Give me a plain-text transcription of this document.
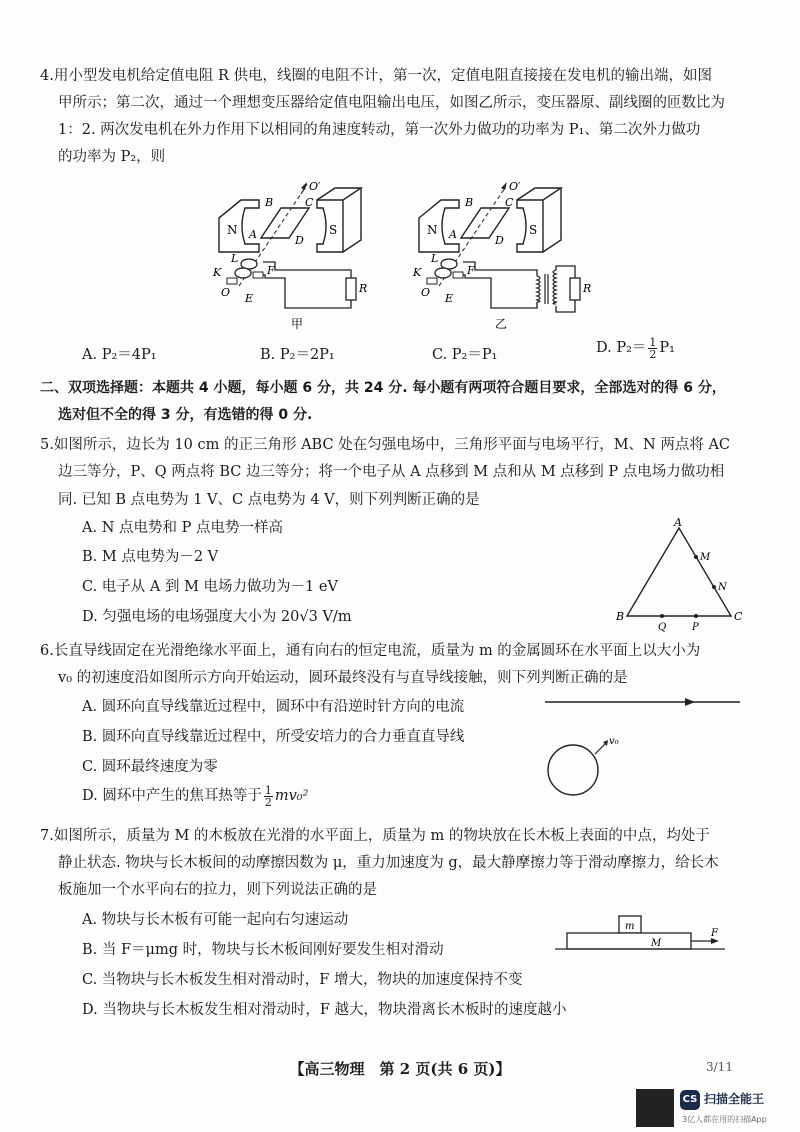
4.用小型发电机给定值电阻 R 供电，线圈的电阻不计，第一次，定值电阻直接接在发电机的输出端，如图
甲所示；第二次，通过一个理想变压器给定值电阻输出电压，如图乙所示，变压器原、副线圈的匝数比为
1：2. 两次发电机在外力作用下以相同的角速度转动，第一次外力做功的功率为 P₁、第二次外力做功
的功率为 P₂，则
N	S
A
B	C
D
E
F
K
L
O
O′
R
甲
N	S
A
B	C
D
E
F
K
L
O
O′
R
乙
A. P₂＝4P₁	B. P₂＝2P₁	C. P₂＝P₁	D. $P_2= \frac{1}{2} P_1$
二、双项选择题：本题共 4 小题，每小题 6 分，共 24 分. 每小题有两项符合题目要求，全部选对的得 6 分，
选对但不全的得 3 分，有选错的得 0 分.
5.如图所示，边长为 10 cm 的正三角形 ABC 处在匀强电场中，三角形平面与电场平行，M、N 两点将 AC
边三等分，P、Q 两点将 BC 边三等分；将一个电子从 A 点移到 M 点和从 M 点移到 P 点电场力做功相
同. 已知 B 点电势为 1 V、C 点电势为 4 V，则下列判断正确的是
A. N 点电势和 P 点电势一样高
B. M 点电势为－2 V
C. 电子从 A 到 M 电场力做功为－1 eV
D. 匀强电场的电场强度大小为 20√3 V/m
A
B	C
M
N
Q	P
6.长直导线固定在光滑绝缘水平面上，通有向右的恒定电流，质量为 m 的金属圆环在水平面上以大小为
v₀ 的初速度沿如图所示方向开始运动，圆环最终没有与直导线接触，则下列判断正确的是
A. 圆环向直导线靠近过程中，圆环中有沿逆时针方向的电流
B. 圆环向直导线靠近过程中，所受安培力的合力垂直直导线
C. 圆环最终速度为零
D. 圆环中产生的焦耳热等于 $\frac{1}{2} mv_0^2$
v₀
7.如图所示，质量为 M 的木板放在光滑的水平面上，质量为 m 的物块放在长木板上表面的中点，均处于
静止状态. 物块与长木板间的动摩擦因数为 μ，重力加速度为 g，最大静摩擦力等于滑动摩擦力，给长木
板施加一个水平向右的拉力，则下列说法正确的是
A. 物块与长木板有可能一起向右匀速运动
B. 当 F＝μmg 时，物块与长木板间刚好要发生相对滑动
C. 当物块与长木板发生相对滑动时，F 增大，物块的加速度保持不变
D. 当物块与长木板发生相对滑动时，F 越大，物块滑离长木板时的速度越小
m
M
F
【高三物理　第 2 页(共 6 页)】	3/11
CS 扫描全能王
3亿人都在用的扫描App
